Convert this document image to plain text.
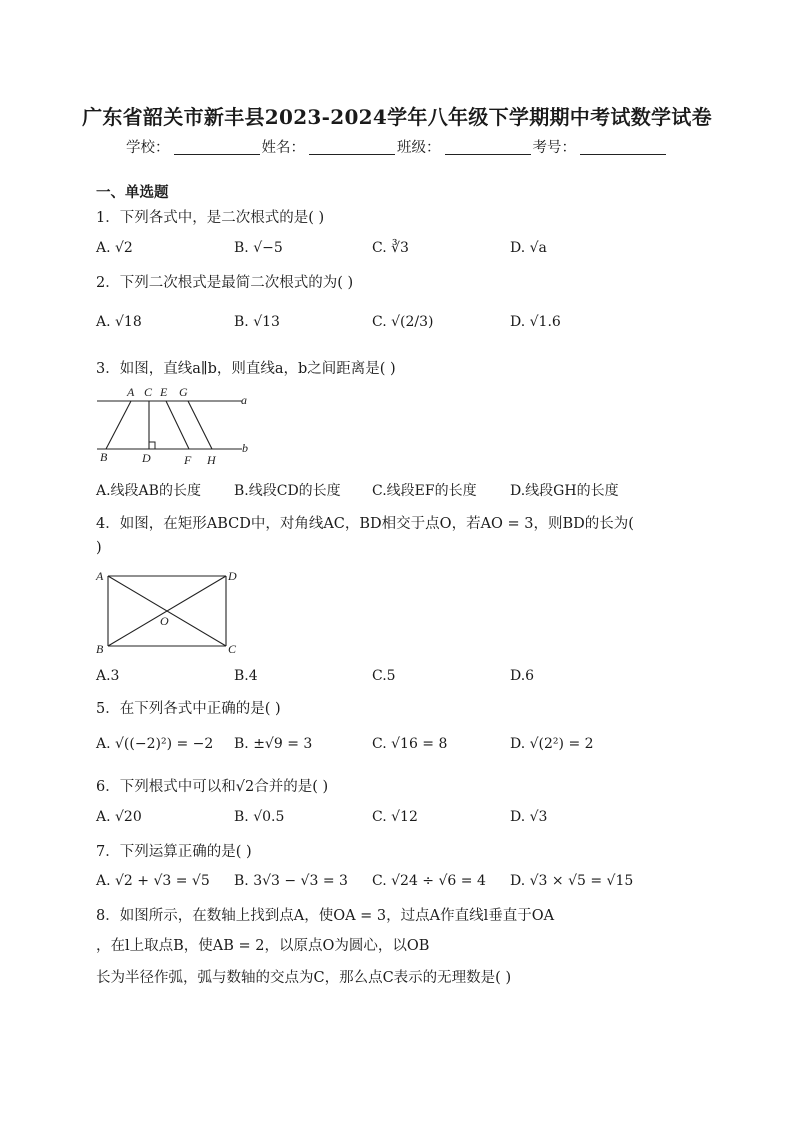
广东省韶关市新丰县2023-2024学年八年级下学期期中考试数学试卷
学校：	姓名：	班级：	考号：
一、单选题
1．下列各式中，是二次根式的是( )
A. √2	B. √−5	C. ∛3	D. √a
2．下列二次根式是最简二次根式的为( )
A. √18	B. √13	C. √(2/3)	D. √1.6
3．如图，直线a∥b，则直线a，b之间距离是( )
A C E G
a
B	D	F H
b
A.线段AB的长度 B.线段CD的长度 C.线段EF的长度 D.线段GH的长度
4．如图，在矩形ABCD中，对角线AC，BD相交于点O，若AO = 3，则BD的长为(
)
A
B	C
D
O
A.3	B.4	C.5	D.6
5．在下列各式中正确的是( )
A. √((−2)²) = −2 B. ±√9 = 3	C. √16 = 8	D. √(2²) = 2
6．下列根式中可以和√2合并的是( )
A. √20	B. √0.5	C. √12	D. √3
7．下列运算正确的是( )
A. √2 + √3 = √5 B. 3√3 − √3 = 3 C. √24 ÷ √6 = 4 D. √3 × √5 = √15
8．如图所示，在数轴上找到点A，使OA = 3，过点A作直线l垂直于OA
，在l上取点B，使AB = 2，以原点O为圆心，以OB
长为半径作弧，弧与数轴的交点为C，那么点C表示的无理数是( )
